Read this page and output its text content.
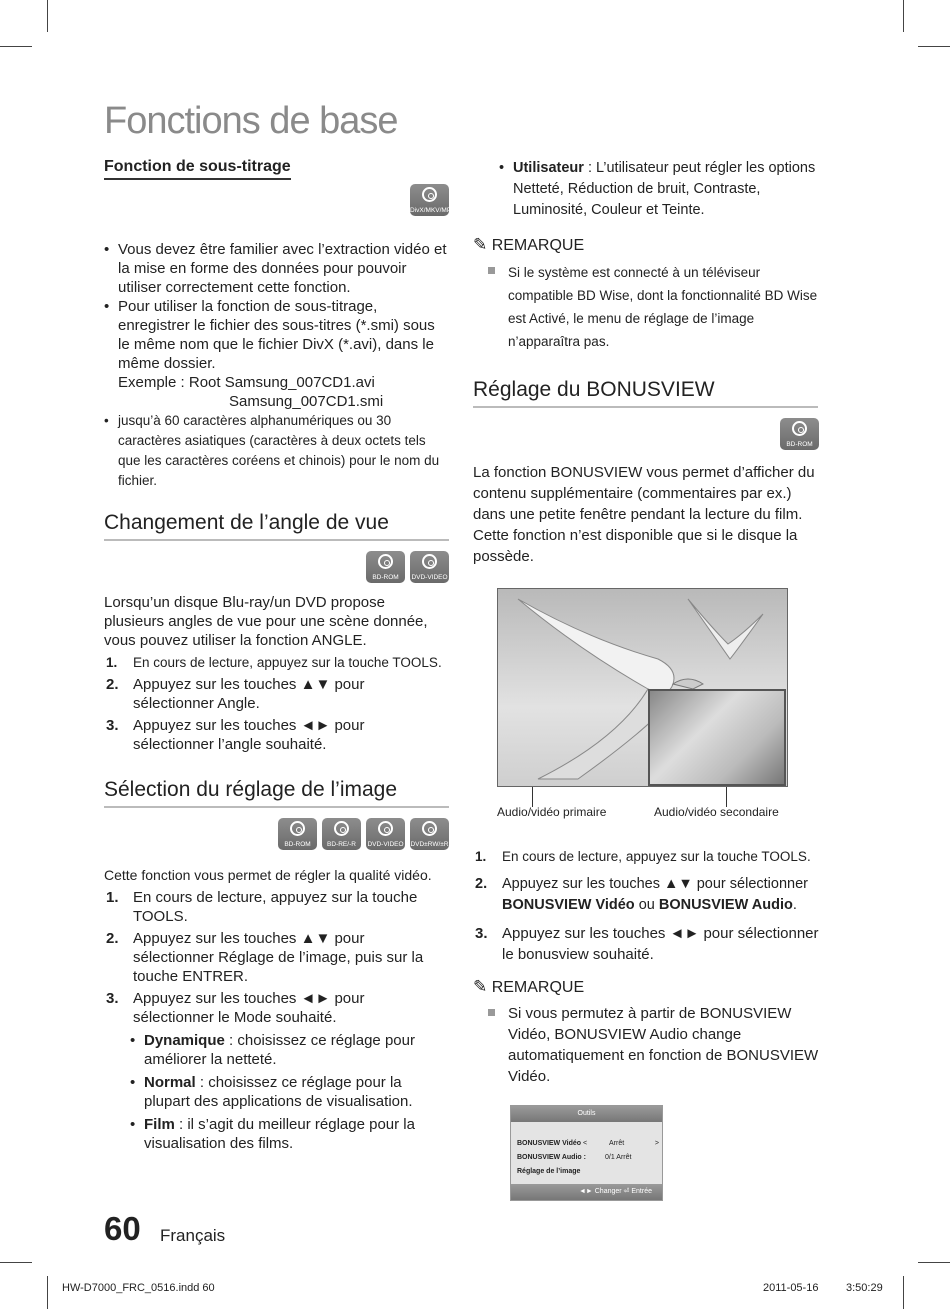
Fonctions de base
Fonction de sous-titrage
DivX/MKV/MP4
• Vous devez être familier avec l’extraction vidéo et la mise en forme des données pour pouvoir utiliser correctement cette fonction.
• Pour utiliser la fonction de sous-titrage, enregistrer le fichier des sous-titres (*.smi) sous le même nom que le fichier DivX (*.avi), dans le même dossier.
Exemple : Root Samsung_007CD1.avi
Samsung_007CD1.smi
• jusqu’à 60 caractères alphanumériques ou 30 caractères asiatiques (caractères à deux octets tels que les caractères coréens et chinois) pour le nom du fichier.
Changement de l’angle de vue
BD-ROM	DVD-VIDEO

Lorsqu’un disque Blu-ray/un DVD propose plusieurs angles de vue pour une scène donnée, vous pouvez utiliser la fonction ANGLE.

1. En cours de lecture, appuyez sur la touche TOOLS.
2. Appuyez sur les touches ▲▼ pour sélectionner Angle.
3. Appuyez sur les touches ◄► pour sélectionner l’angle souhaité.
Sélection du réglage de l’image
BD-ROM	BD-RE/-R	DVD-VIDEO DVD±RW/±R

Cette fonction vous permet de régler la qualité vidéo.

1. En cours de lecture, appuyez sur la touche TOOLS.
2. Appuyez sur les touches ▲▼ pour sélectionner Réglage de l’image, puis sur la touche ENTRER.
3. Appuyez sur les touches ◄► pour sélectionner le Mode souhaité.
• Dynamique : choisissez ce réglage pour améliorer la netteté.
• Normal : choisissez ce réglage pour la plupart des applications de visualisation.
• Film : il s’agit du meilleur réglage pour la visualisation des films.
• Utilisateur : L’utilisateur peut régler les options Netteté, Réduction de bruit, Contraste, Luminosité, Couleur et Teinte.
✎ REMARQUE
Si le système est connecté à un téléviseur compatible BD Wise, dont la fonctionnalité BD Wise est Activé, le menu de réglage de l’image n’apparaîtra pas.
Réglage du BONUSVIEW
BD-ROM

La fonction BONUSVIEW vous permet d’afficher du contenu supplémentaire (commentaires par ex.) dans une petite fenêtre pendant la lecture du film. Cette fonction n’est disponible que si le disque la possède.

Audio/vidéo primaire	Audio/vidéo secondaire
1. En cours de lecture, appuyez sur la touche TOOLS.
2. Appuyez sur les touches ▲▼ pour sélectionner BONUSVIEW Vidéo ou BONUSVIEW Audio.
3. Appuyez sur les touches ◄► pour sélectionner le bonusview souhaité.
✎ REMARQUE
Si vous permutez à partir de BONUSVIEW Vidéo, BONUSVIEW Audio change automatiquement en fonction de BONUSVIEW Vidéo.
Outils
BONUSVIEW Vidéo <	Arrêt	>
BONUSVIEW Audio :	0/1 Arrêt
Réglage de l’image
◄► Changer ⏎ Entrée
60 Français
HW-D7000_FRC_0516.indd 60	2011-05-16	3:50:29
